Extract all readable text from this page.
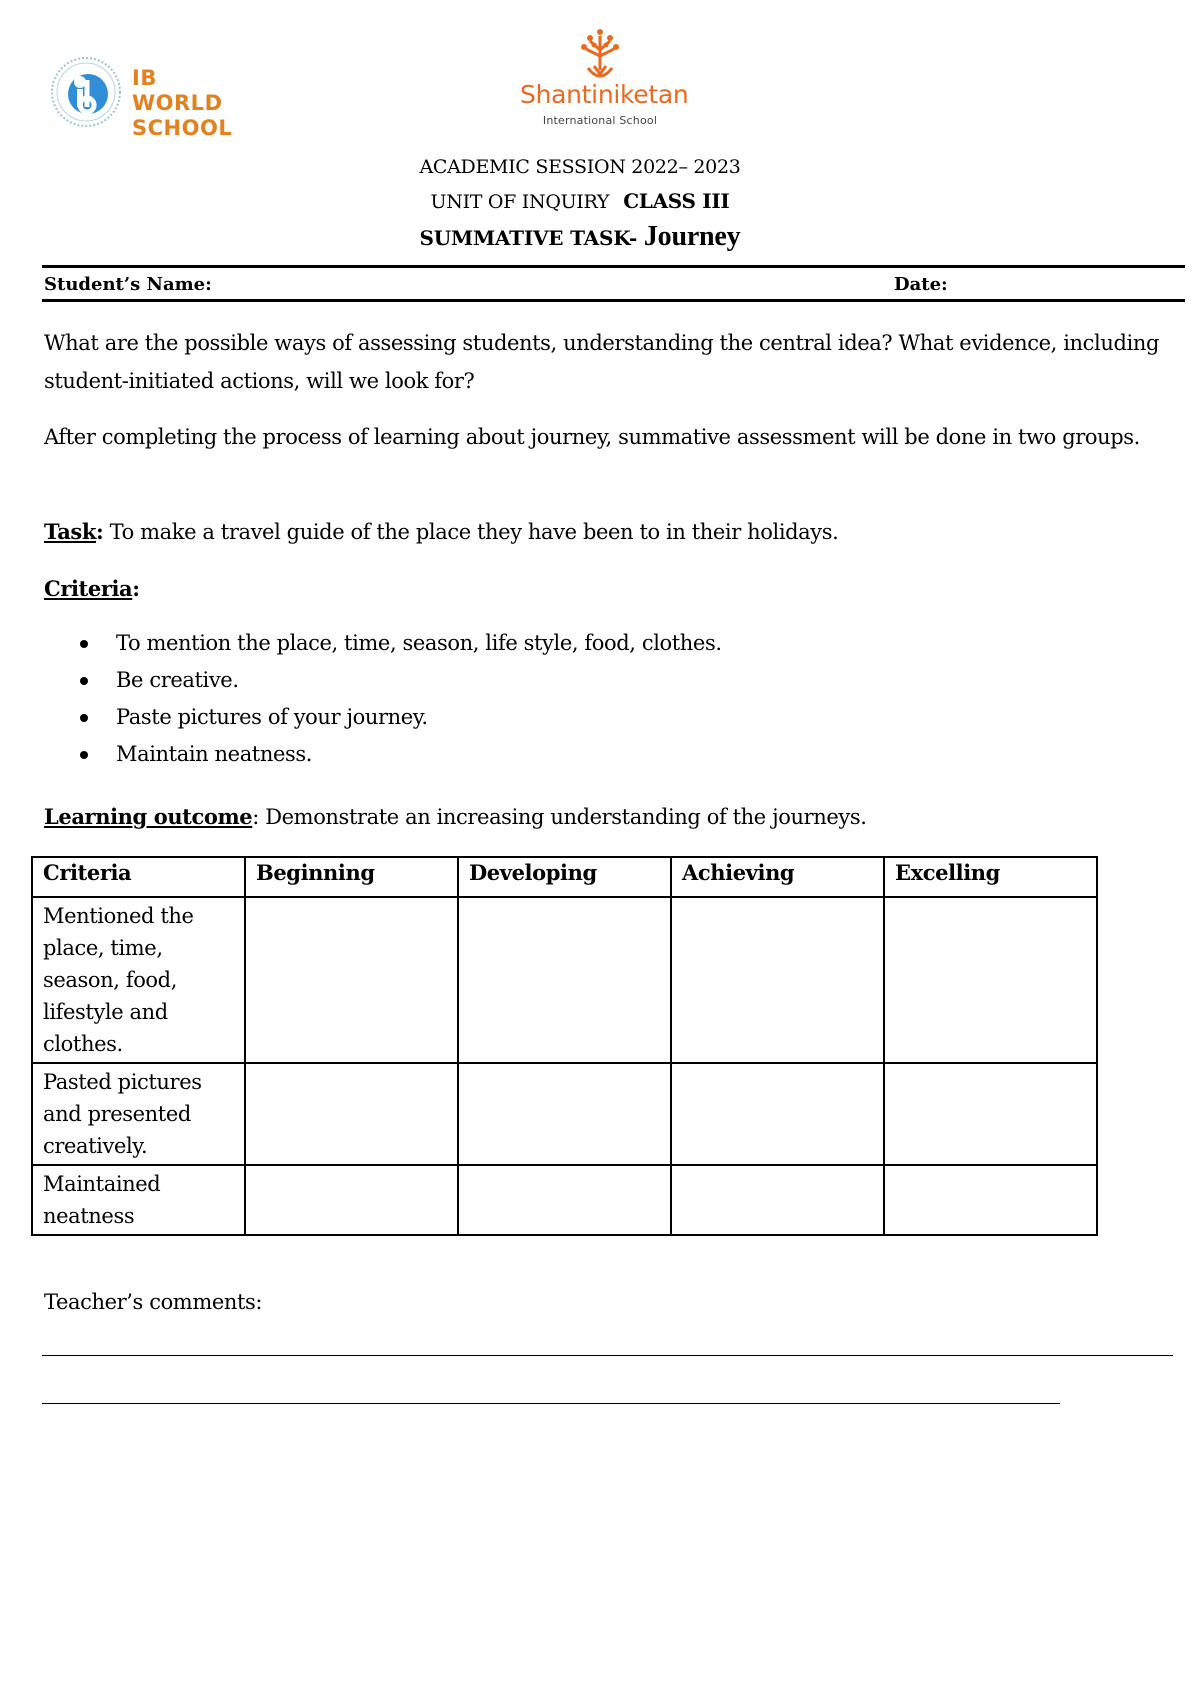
IB WORLD
SCHOOL
Shantiniketan
International School
ACADEMIC SESSION 2022– 2023
UNIT OF INQUIRY CLASS III
SUMMATIVE TASK- Journey
Student’s Name:	Date:
What are the possible ways of assessing students, understanding the central idea? What evidence, including student-initiated actions, will we look for?
After completing the process of learning about journey, summative assessment will be done in two groups.
Task: To make a travel guide of the place they have been to in their holidays.
Criteria:
To mention the place, time, season, life style, food, clothes.
Be creative.
Paste pictures of your journey.
Maintain neatness.
Learning outcome: Demonstrate an increasing understanding of the journeys.
Criteria	Beginning	Developing	Achieving	Excelling
Mentioned the place, time, season, food, lifestyle and clothes.				
Pasted pictures and presented creatively.				
Maintained neatness				
Teacher’s comments:
